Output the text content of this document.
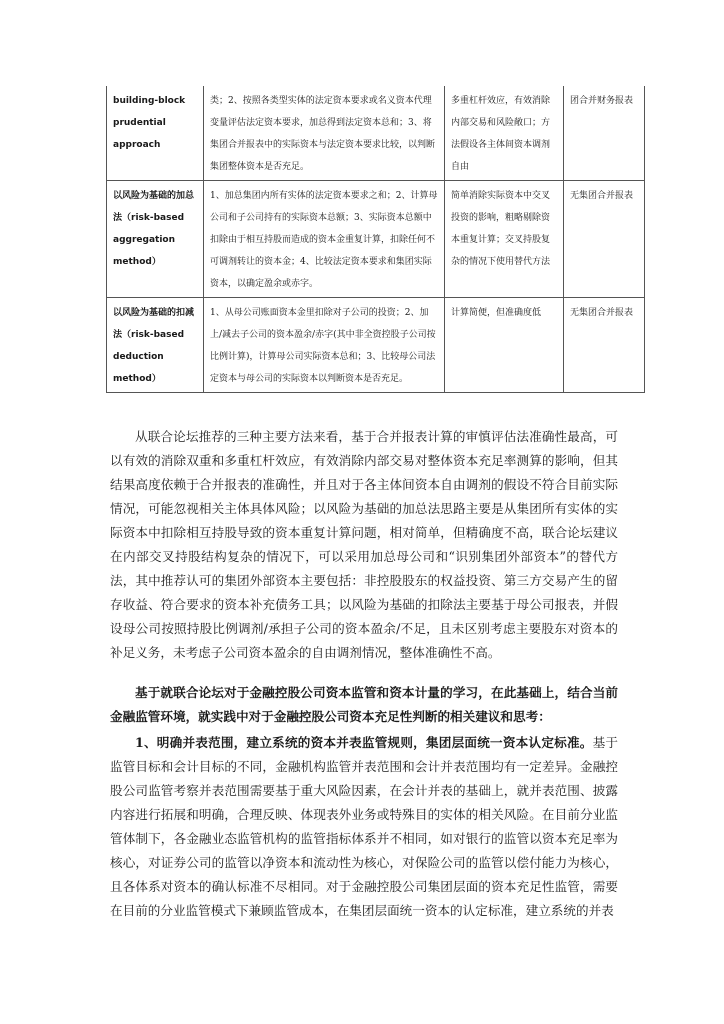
building-block prudential approach	类；2、按照各类型实体的法定资本要求或名义资本代理变量评估法定资本要求，加总得到法定资本总和；3、将集团合并报表中的实际资本与法定资本要求比较，以判断集团整体资本是否充足。	多重杠杆效应，有效消除内部交易和风险敞口；方法假设各主体间资本调剂自由	团合并财务报表
以风险为基础的加总法（risk-based aggregation method）	1、加总集团内所有实体的法定资本要求之和；2、计算母公司和子公司持有的实际资本总额；3、实际资本总额中扣除由于相互持股而造成的资本金重复计算，扣除任何不可调剂转让的资本金；4、比较法定资本要求和集团实际资本，以确定盈余或赤字。	简单消除实际资本中交叉投资的影响，粗略剔除资本重复计算；交叉持股复杂的情况下使用替代方法	无集团合并报表
以风险为基础的扣减法（risk-based deduction method）	1、从母公司账面资本金里扣除对子公司的投资；2、加上/减去子公司的资本盈余/赤字(其中非全资控股子公司按比例计算)，计算母公司实际资本总和；3、比较母公司法定资本与母公司的实际资本以判断资本是否充足。	计算简便，但准确度低	无集团合并报表

从联合论坛推荐的三种主要方法来看，基于合并报表计算的审慎评估法准确性最高，可以有效的消除双重和多重杠杆效应，有效消除内部交易对整体资本充足率测算的影响，但其结果高度依赖于合并报表的准确性，并且对于各主体间资本自由调剂的假设不符合目前实际情况，可能忽视相关主体具体风险；以风险为基础的加总法思路主要是从集团所有实体的实际资本中扣除相互持股导致的资本重复计算问题，相对简单，但精确度不高，联合论坛建议在内部交叉持股结构复杂的情况下，可以采用加总母公司和“识别集团外部资本”的替代方法，其中推荐认可的集团外部资本主要包括：非控股股东的权益投资、第三方交易产生的留存收益、符合要求的资本补充债务工具；以风险为基础的扣除法主要基于母公司报表，并假设母公司按照持股比例调剂/承担子公司的资本盈余/不足，且未区别考虑主要股东对资本的补足义务，未考虑子公司资本盈余的自由调剂情况，整体准确性不高。

基于就联合论坛对于金融控股公司资本监管和资本计量的学习，在此基础上，结合当前金融监管环境，就实践中对于金融控股公司资本充足性判断的相关建议和思考：

1、明确并表范围，建立系统的资本并表监管规则，集团层面统一资本认定标准。基于监管目标和会计目标的不同，金融机构监管并表范围和会计并表范围均有一定差异。金融控股公司监管考察并表范围需要基于重大风险因素，在会计并表的基础上，就并表范围、披露内容进行拓展和明确，合理反映、体现表外业务或特殊目的实体的相关风险。在目前分业监管体制下，各金融业态监管机构的监管指标体系并不相同，如对银行的监管以资本充足率为核心，对证券公司的监管以净资本和流动性为核心，对保险公司的监管以偿付能力为核心，且各体系对资本的确认标准不尽相同。对于金融控股公司集团层面的资本充足性监管，需要在目前的分业监管模式下兼顾监管成本，在集团层面统一资本的认定标准，建立系统的并表
